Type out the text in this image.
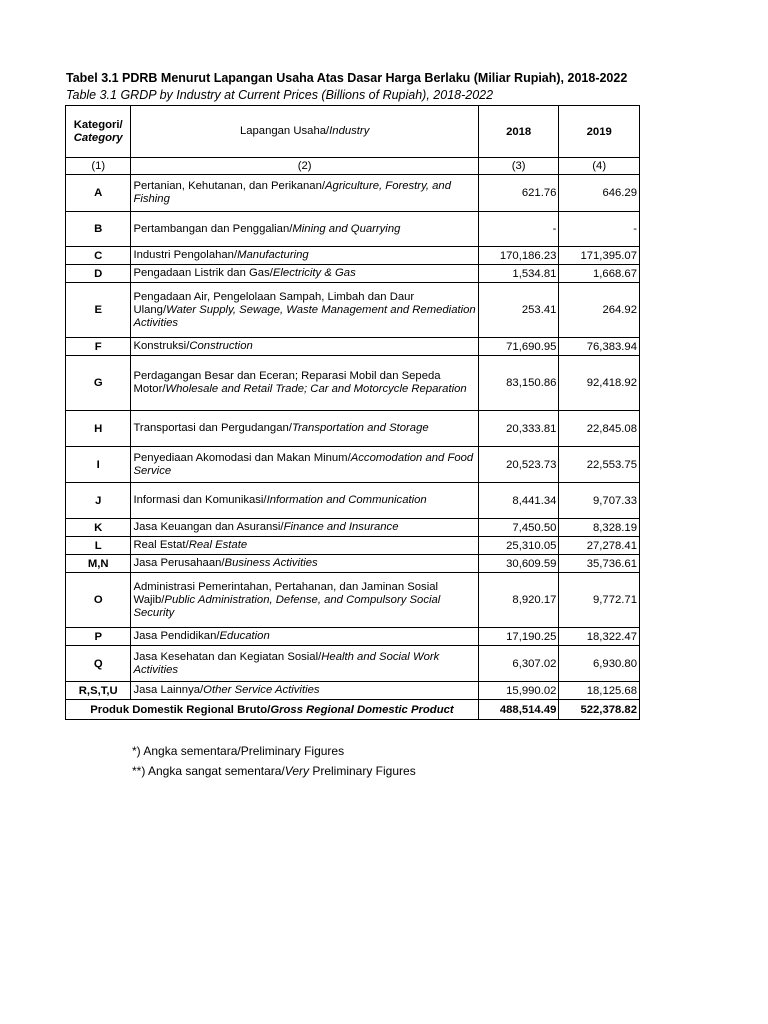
Tabel 3.1 PDRB Menurut Lapangan Usaha Atas Dasar Harga Berlaku (Miliar Rupiah), 2018-2022
Table 3.1 GRDP by Industry at Current Prices (Billions of Rupiah), 2018-2022
Kategori/
Category	Lapangan Usaha/Industry	2018	2019
(1)	(2)	(3)	(4)
A	Pertanian, Kehutanan, dan Perikanan/Agriculture, Forestry, and Fishing	621.76	646.29
B	Pertambangan dan Penggalian/Mining and Quarrying	-	-
C	Industri Pengolahan/Manufacturing	170,186.23	171,395.07
D	Pengadaan Listrik dan Gas/Electricity & Gas	1,534.81	1,668.67
E	Pengadaan Air, Pengelolaan Sampah, Limbah dan Daur Ulang/Water Supply, Sewage, Waste Management and Remediation Activities	253.41	264.92
F	Konstruksi/Construction	71,690.95	76,383.94
G	Perdagangan Besar dan Eceran; Reparasi Mobil dan Sepeda Motor/Wholesale and Retail Trade; Car and Motorcycle Reparation	83,150.86	92,418.92
H	Transportasi dan Pergudangan/Transportation and Storage	20,333.81	22,845.08
I	Penyediaan Akomodasi dan Makan Minum/Accomodation and Food Service	20,523.73	22,553.75
J	Informasi dan Komunikasi/Information and Communication	8,441.34	9,707.33
K	Jasa Keuangan dan Asuransi/Finance and Insurance	7,450.50	8,328.19
L	Real Estat/Real Estate	25,310.05	27,278.41
M,N	Jasa Perusahaan/Business Activities	30,609.59	35,736.61
O	Administrasi Pemerintahan, Pertahanan, dan Jaminan Sosial Wajib/Public Administration, Defense, and Compulsory Social Security	8,920.17	9,772.71
P	Jasa Pendidikan/Education	17,190.25	18,322.47
Q	Jasa Kesehatan dan Kegiatan Sosial/Health and Social Work Activities	6,307.02	6,930.80
R,S,T,U	Jasa Lainnya/Other Service Activities	15,990.02	18,125.68
Produk Domestik Regional Bruto/Gross Regional Domestic Product		488,514.49	522,378.82
*) Angka sementara/Preliminary Figures
**) Angka sangat sementara/Very Preliminary Figures
